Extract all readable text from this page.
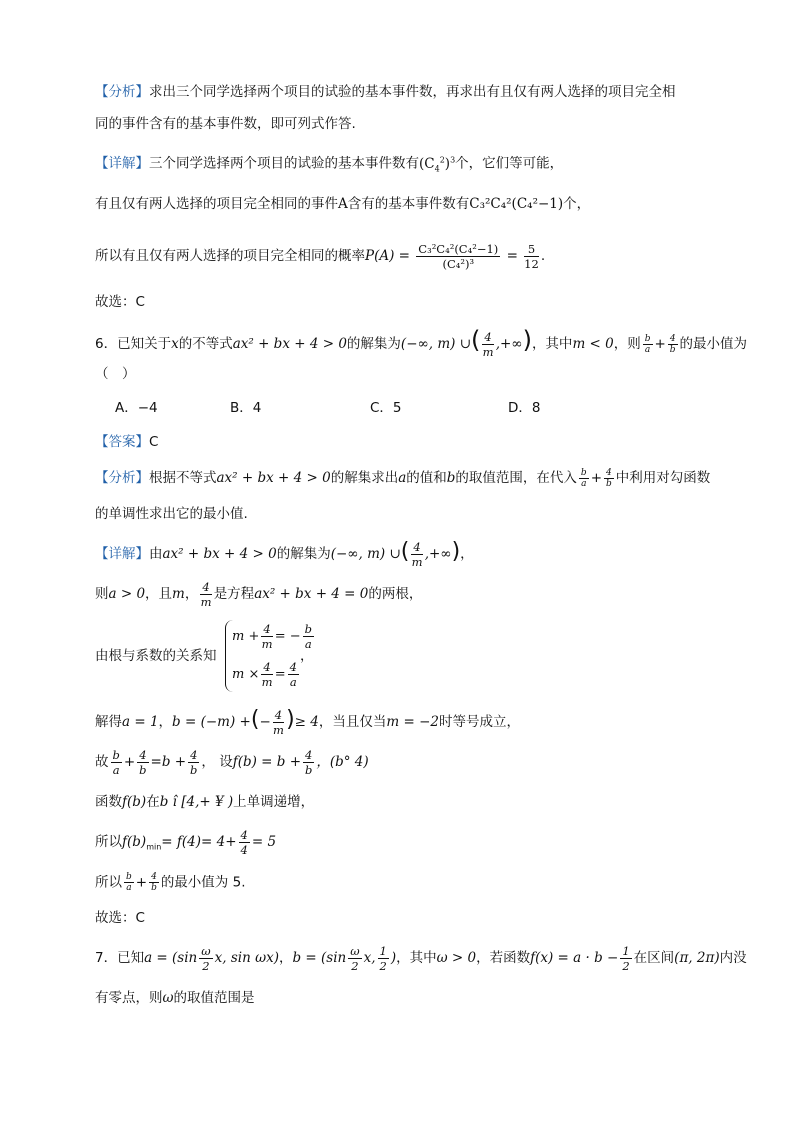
【分析】求出三个同学选择两个项目的试验的基本事件数，再求出有且仅有两人选择的项目完全相
同的事件含有的基本事件数，即可列式作答.
【详解】三个同学选择两个项目的试验的基本事件数有$(C_4^2)^3$个，它们等可能，
有且仅有两人选择的项目完全相同的事件A含有的基本事件数有C₃²C₄²(C₄²−1)个，
所以有且仅有两人选择的项目完全相同的概率$P(A) = \frac{\text{C₃²C₄²(C₄²−1)}}{\text{(C₄²)³}} = \frac{5}{12}$ .
故选：C
6．已知关于x的不等式ax² + bx + 4 > 0的解集为(−∞, m) ∪( $\frac{4}{m}$ ,+∞)，其中m < 0，则 $\frac{b}{a} + \frac{4}{b}$ 的最小值为
（　）
A．−4	B．4	C．5	D．8
【答案】C
【分析】根据不等式ax² + bx + 4 > 0的解集求出a的值和b的取值范围，在代入 $\frac{b}{a} + \frac{4}{b}$ 中利用对勾函数
的单调性求出它的最小值.
【详解】由ax² + bx + 4 > 0的解集为(−∞, m) ∪( $\frac{4}{m}$ ,+∞)，
则a > 0，且m， $\frac{4}{m}$ 是方程ax² + bx + 4 = 0的两根，
由根与系数的关系知
$m + \frac{4}{m}$ = − $\frac{b}{a}$
$m \times \frac{4}{m} = \frac{4}{a}$
，
解得a = 1，b = (−m) +(− $\frac{4}{m}$ )≥ 4，当且仅当m = −2时等号成立，
故 $\frac{b}{a} + \frac{4}{b} =b + \frac{4}{b}$ ， 设$f(b) = b + \frac{4}{b}$ ，(b° 4)
函数f(b)在b î [4,+ ¥ )上单调递增，
所以$f(b)_{min}= f(4)= 4+ \frac{4}{4} = 5$
所以 $\frac{b}{a} + \frac{4}{b}$ 的最小值为 5.
故选：C
7．已知$a = (\sin \frac{\omega}{2} x$, sin ωx)，$b = (\sin \frac{\omega}{2} x$, $\frac{1}{2}$ )，其中ω > 0，若函数$f(x) = a \cdot b - \frac{1}{2}$ 在区间(π, 2π)内没
有零点，则ω的取值范围是
